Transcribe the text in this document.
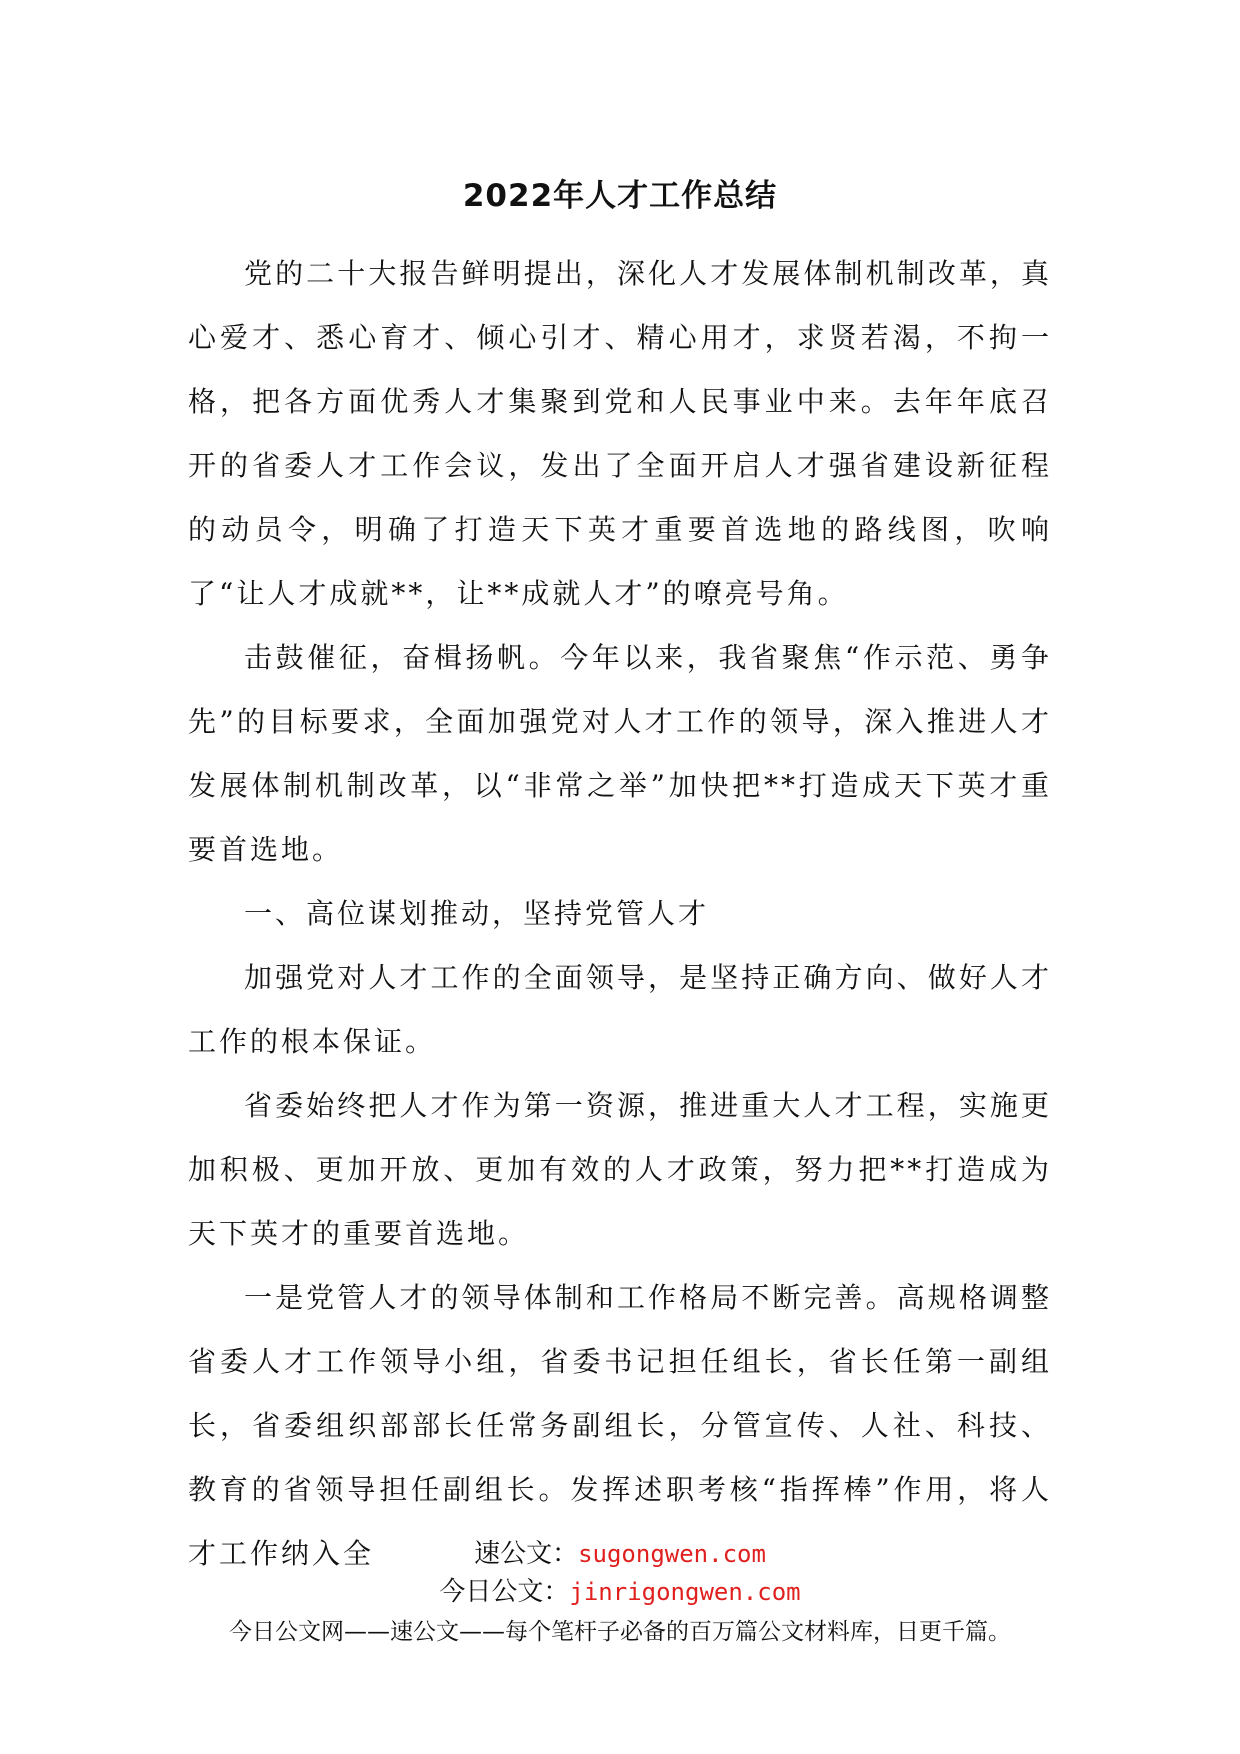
2022年人才工作总结

党的二十大报告鲜明提出，深化人才发展体制机制改革，真心爱才、悉心育才、倾心引才、精心用才，求贤若渴，不拘一格，把各方面优秀人才集聚到党和人民事业中来。去年年底召开的省委人才工作会议，发出了全面开启人才强省建设新征程的动员令，明确了打造天下英才重要首选地的路线图，吹响了“让人才成就**，让**成就人才”的嘹亮号角。

击鼓催征，奋楫扬帆。今年以来，我省聚焦“作示范、勇争先”的目标要求，全面加强党对人才工作的领导，深入推进人才发展体制机制改革，以“非常之举”加快把**打造成天下英才重要首选地。

一、高位谋划推动，坚持党管人才

加强党对人才工作的全面领导，是坚持正确方向、做好人才工作的根本保证。

省委始终把人才作为第一资源，推进重大人才工程，实施更加积极、更加开放、更加有效的人才政策，努力把**打造成为天下英才的重要首选地。

一是党管人才的领导体制和工作格局不断完善。高规格调整省委人才工作领导小组，省委书记担任组长，省长任第一副组长，省委组织部部长任常务副组长，分管宣传、人社、科技、教育的省领导担任副组长。发挥述职考核“指挥棒”作用，将人才工作纳入全	速公文：sugongwen.com
今日公文：jinrigongwen.com
今日公文网——速公文——每个笔杆子必备的百万篇公文材料库，日更千篇。
